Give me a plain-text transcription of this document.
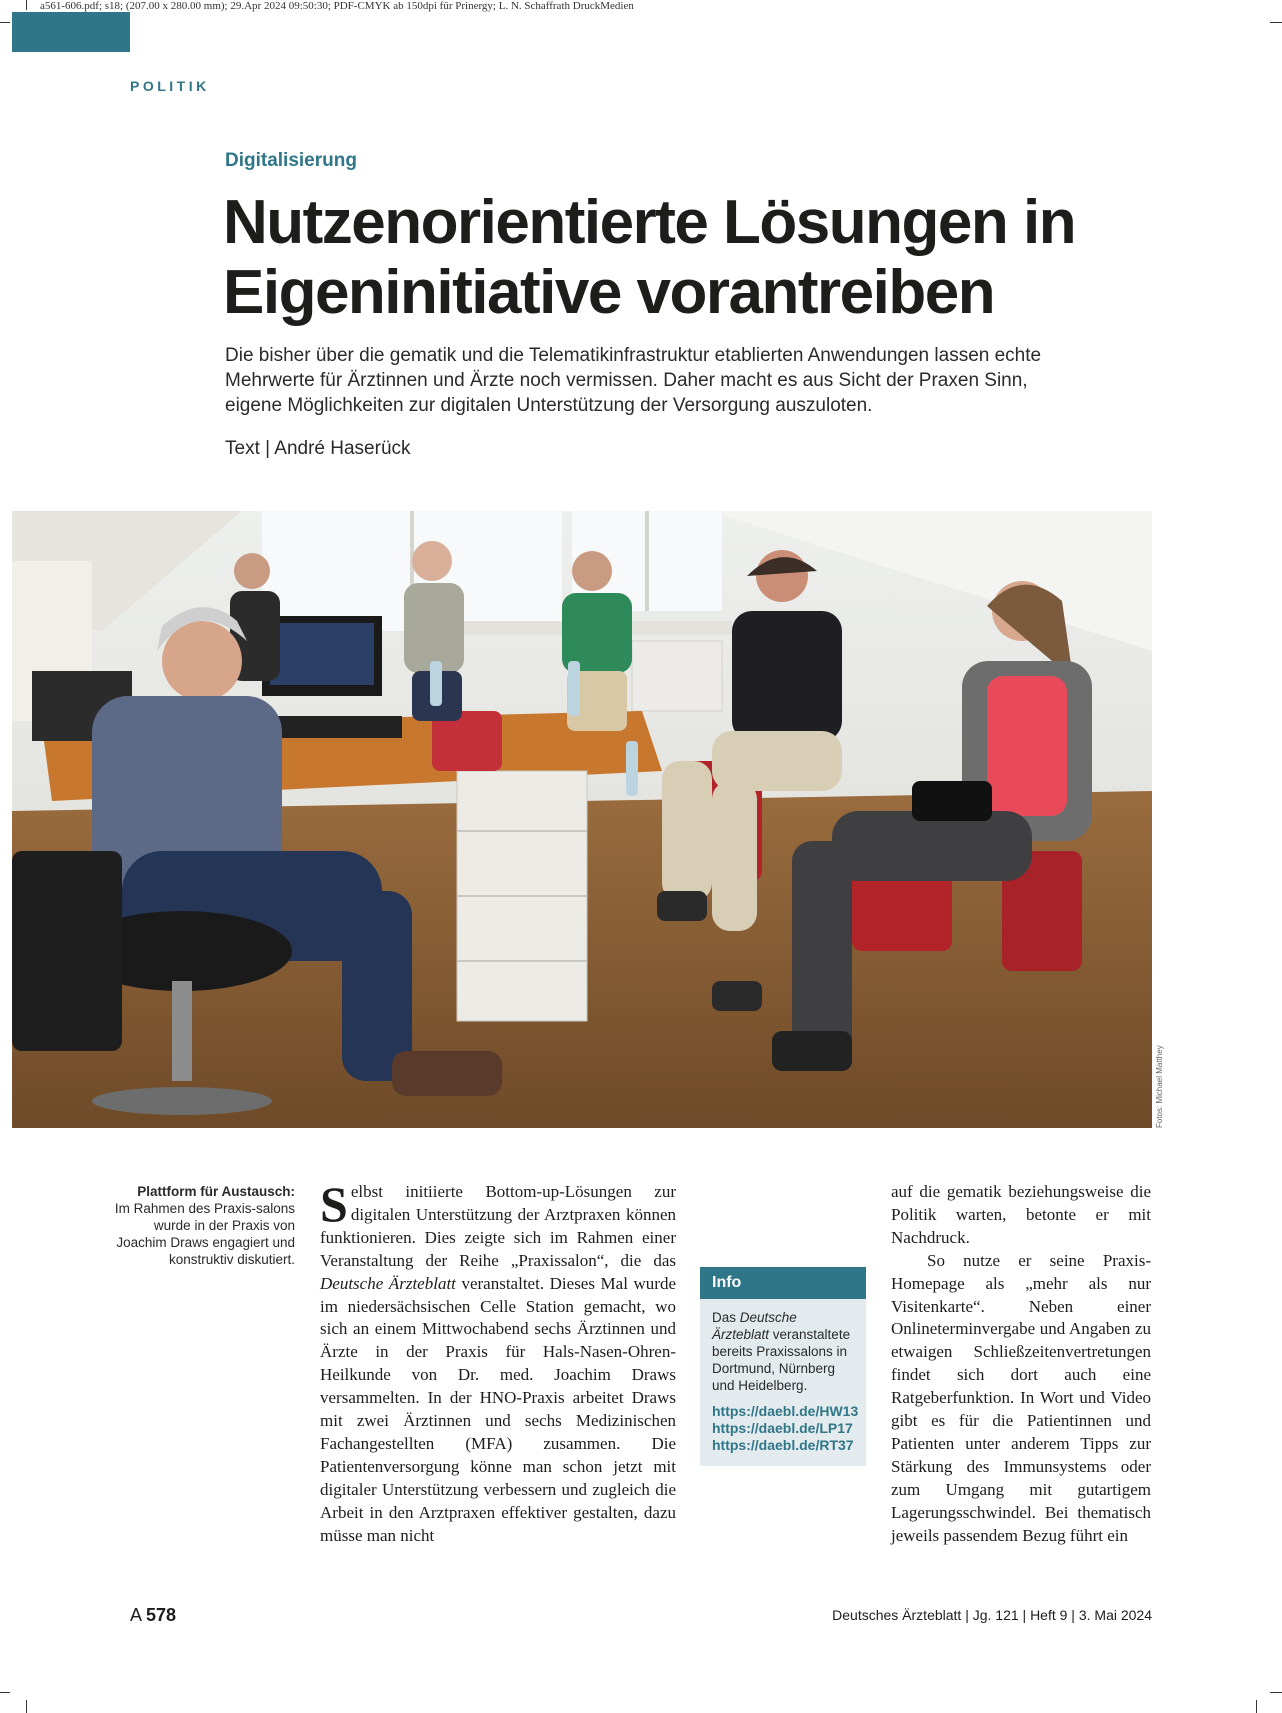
a561-606.pdf; s18; (207.00 x 280.00 mm); 29.Apr 2024 09:50:30; PDF-CMYK ab 150dpi für Prinergy; L. N. Schaffrath DruckMedien
POLITIK
Digitalisierung
Nutzenorientierte Lösungen in
Eigeninitiative vorantreiben
Die bisher über die gematik und die Telematikinfrastruktur etablierten Anwendungen lassen echte Mehrwerte für Ärztinnen und Ärzte noch vermissen. Daher macht es aus Sicht der Praxen Sinn, eigene Möglichkeiten zur digitalen Unterstützung der Versorgung auszuloten.
Text | André Haserück
Fotos: Michael Matthey
Plattform für Austausch:
Im Rahmen des Praxis-salons wurde in der Praxis von Joachim Draws engagiert und konstruktiv diskutiert.

Selbst initiierte Bottom-up-Lösungen zur digitalen Unterstützung der Arztpraxen können funktionieren. Dies zeigte sich im Rahmen einer Veranstaltung der Reihe „Praxissalon“, die das Deutsche Ärzteblatt veranstaltet. Dieses Mal wurde im niedersächsischen Celle Station gemacht, wo sich an einem Mittwochabend sechs Ärztinnen und Ärzte in der Praxis für Hals-Nasen-Ohren-Heilkunde von Dr. med. Joachim Draws versammelten. In der HNO-Praxis arbeitet Draws mit zwei Ärztinnen und sechs Medizinischen Fachangestellten (MFA) zusammen. Die Patientenversorgung könne man schon jetzt mit digitaler Unterstützung verbessern und zugleich die Arbeit in den Arztpraxen effektiver gestalten, dazu müsse man nicht

Info
Das Deutsche Ärzteblatt veranstaltete bereits Praxissalons in Dortmund, Nürnberg und Heidelberg.
https://daebl.de/HW13
https://daebl.de/LP17
https://daebl.de/RT37

auf die gematik beziehungsweise die Politik warten, betonte er mit Nachdruck.

So nutze er seine Praxis-Homepage als „mehr als nur Visitenkarte“. Neben einer Onlineterminvergabe und Angaben zu etwaigen Schließzeitenvertretungen findet sich dort auch eine Ratgeberfunktion. In Wort und Video gibt es für die Patientinnen und Patienten unter anderem Tipps zur Stärkung des Immunsystems oder zum Umgang mit gutartigem Lagerungsschwindel. Bei thematisch jeweils passendem Bezug führt ein

A 578	Deutsches Ärzteblatt | Jg. 121 | Heft 9 | 3. Mai 2024
